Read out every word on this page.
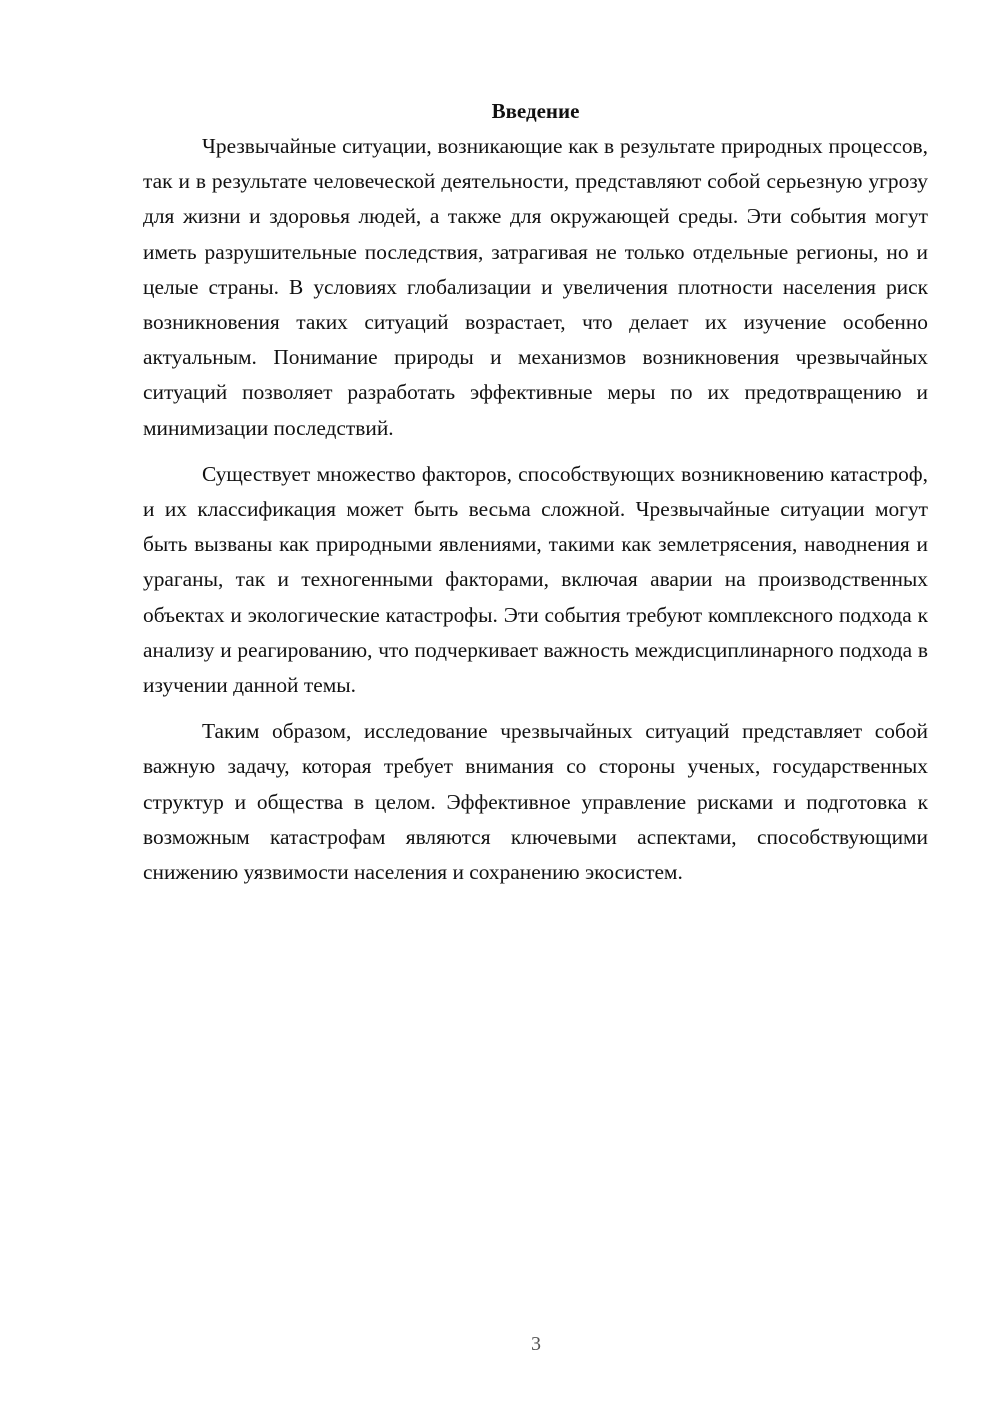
Введение

Чрезвычайные ситуации, возникающие как в результате природных процессов, так и в результате человеческой деятельности, представляют собой серьезную угрозу для жизни и здоровья людей, а также для окружающей среды. Эти события могут иметь разрушительные последствия, затрагивая не только отдельные регионы, но и целые страны. В условиях глобализации и увеличения плотности населения риск возникновения таких ситуаций возрастает, что делает их изучение особенно актуальным. Понимание природы и механизмов возникновения чрезвычайных ситуаций позволяет разработать эффективные меры по их предотвращению и минимизации последствий.

Существует множество факторов, способствующих возникновению катастроф, и их классификация может быть весьма сложной. Чрезвычайные ситуации могут быть вызваны как природными явлениями, такими как землетрясения, наводнения и ураганы, так и техногенными факторами, включая аварии на производственных объектах и экологические катастрофы. Эти события требуют комплексного подхода к анализу и реагированию, что подчеркивает важность междисциплинарного подхода в изучении данной темы.

Таким образом, исследование чрезвычайных ситуаций представляет собой важную задачу, которая требует внимания со стороны ученых, государственных структур и общества в целом. Эффективное управление рисками и подготовка к возможным катастрофам являются ключевыми аспектами, способствующими снижению уязвимости населения и сохранению экосистем.

3
